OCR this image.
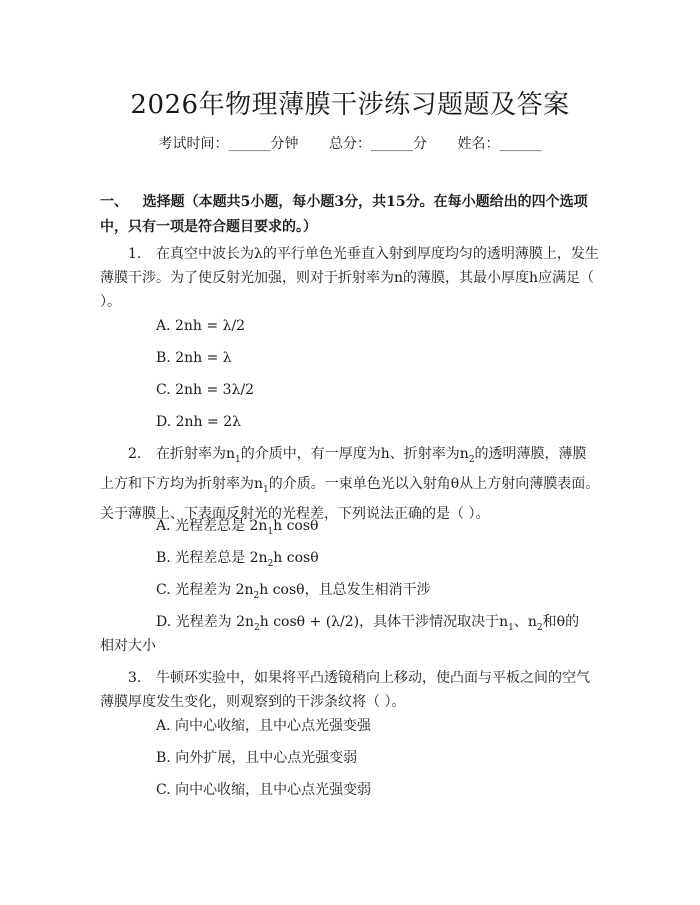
2026年物理薄膜干涉练习题题及答案
考试时间：______分钟 总分：______分 姓名：______
一、 选择题（本题共5小题，每小题3分，共15分。在每小题给出的四个选项中，只有一项是符合题目要求的。）
1. 在真空中波长为λ的平行单色光垂直入射到厚度均匀的透明薄膜上，发生薄膜干涉。为了使反射光加强，则对于折射率为n的薄膜，其最小厚度h应满足（ ）。
A. 2nh = λ/2
B. 2nh = λ
C. 2nh = 3λ/2
D. 2nh = 2λ
2. 在折射率为$n_1$的介质中，有一厚度为h、折射率为$n_2$的透明薄膜，薄膜上方和下方均为折射率为$n_1$的介质。一束单色光以入射角θ从上方射向薄膜表面。关于薄膜上、下表面反射光的光程差，下列说法正确的是（ ）。
A. 光程差总是 $2n_1h$ cosθ
B. 光程差总是 $2n_2h$ cosθ
C. 光程差为 $2n_2h$ cosθ，且总发生相消干涉
D. 光程差为 $2n_2h$ cosθ + (λ/2)，具体干涉情况取决于$n_1$、$n_2$和θ的
相对大小
3. 牛顿环实验中，如果将平凸透镜稍向上移动，使凸面与平板之间的空气薄膜厚度发生变化，则观察到的干涉条纹将（ ）。
A. 向中心收缩，且中心点光强变强
B. 向外扩展，且中心点光强变弱
C. 向中心收缩，且中心点光强变弱
